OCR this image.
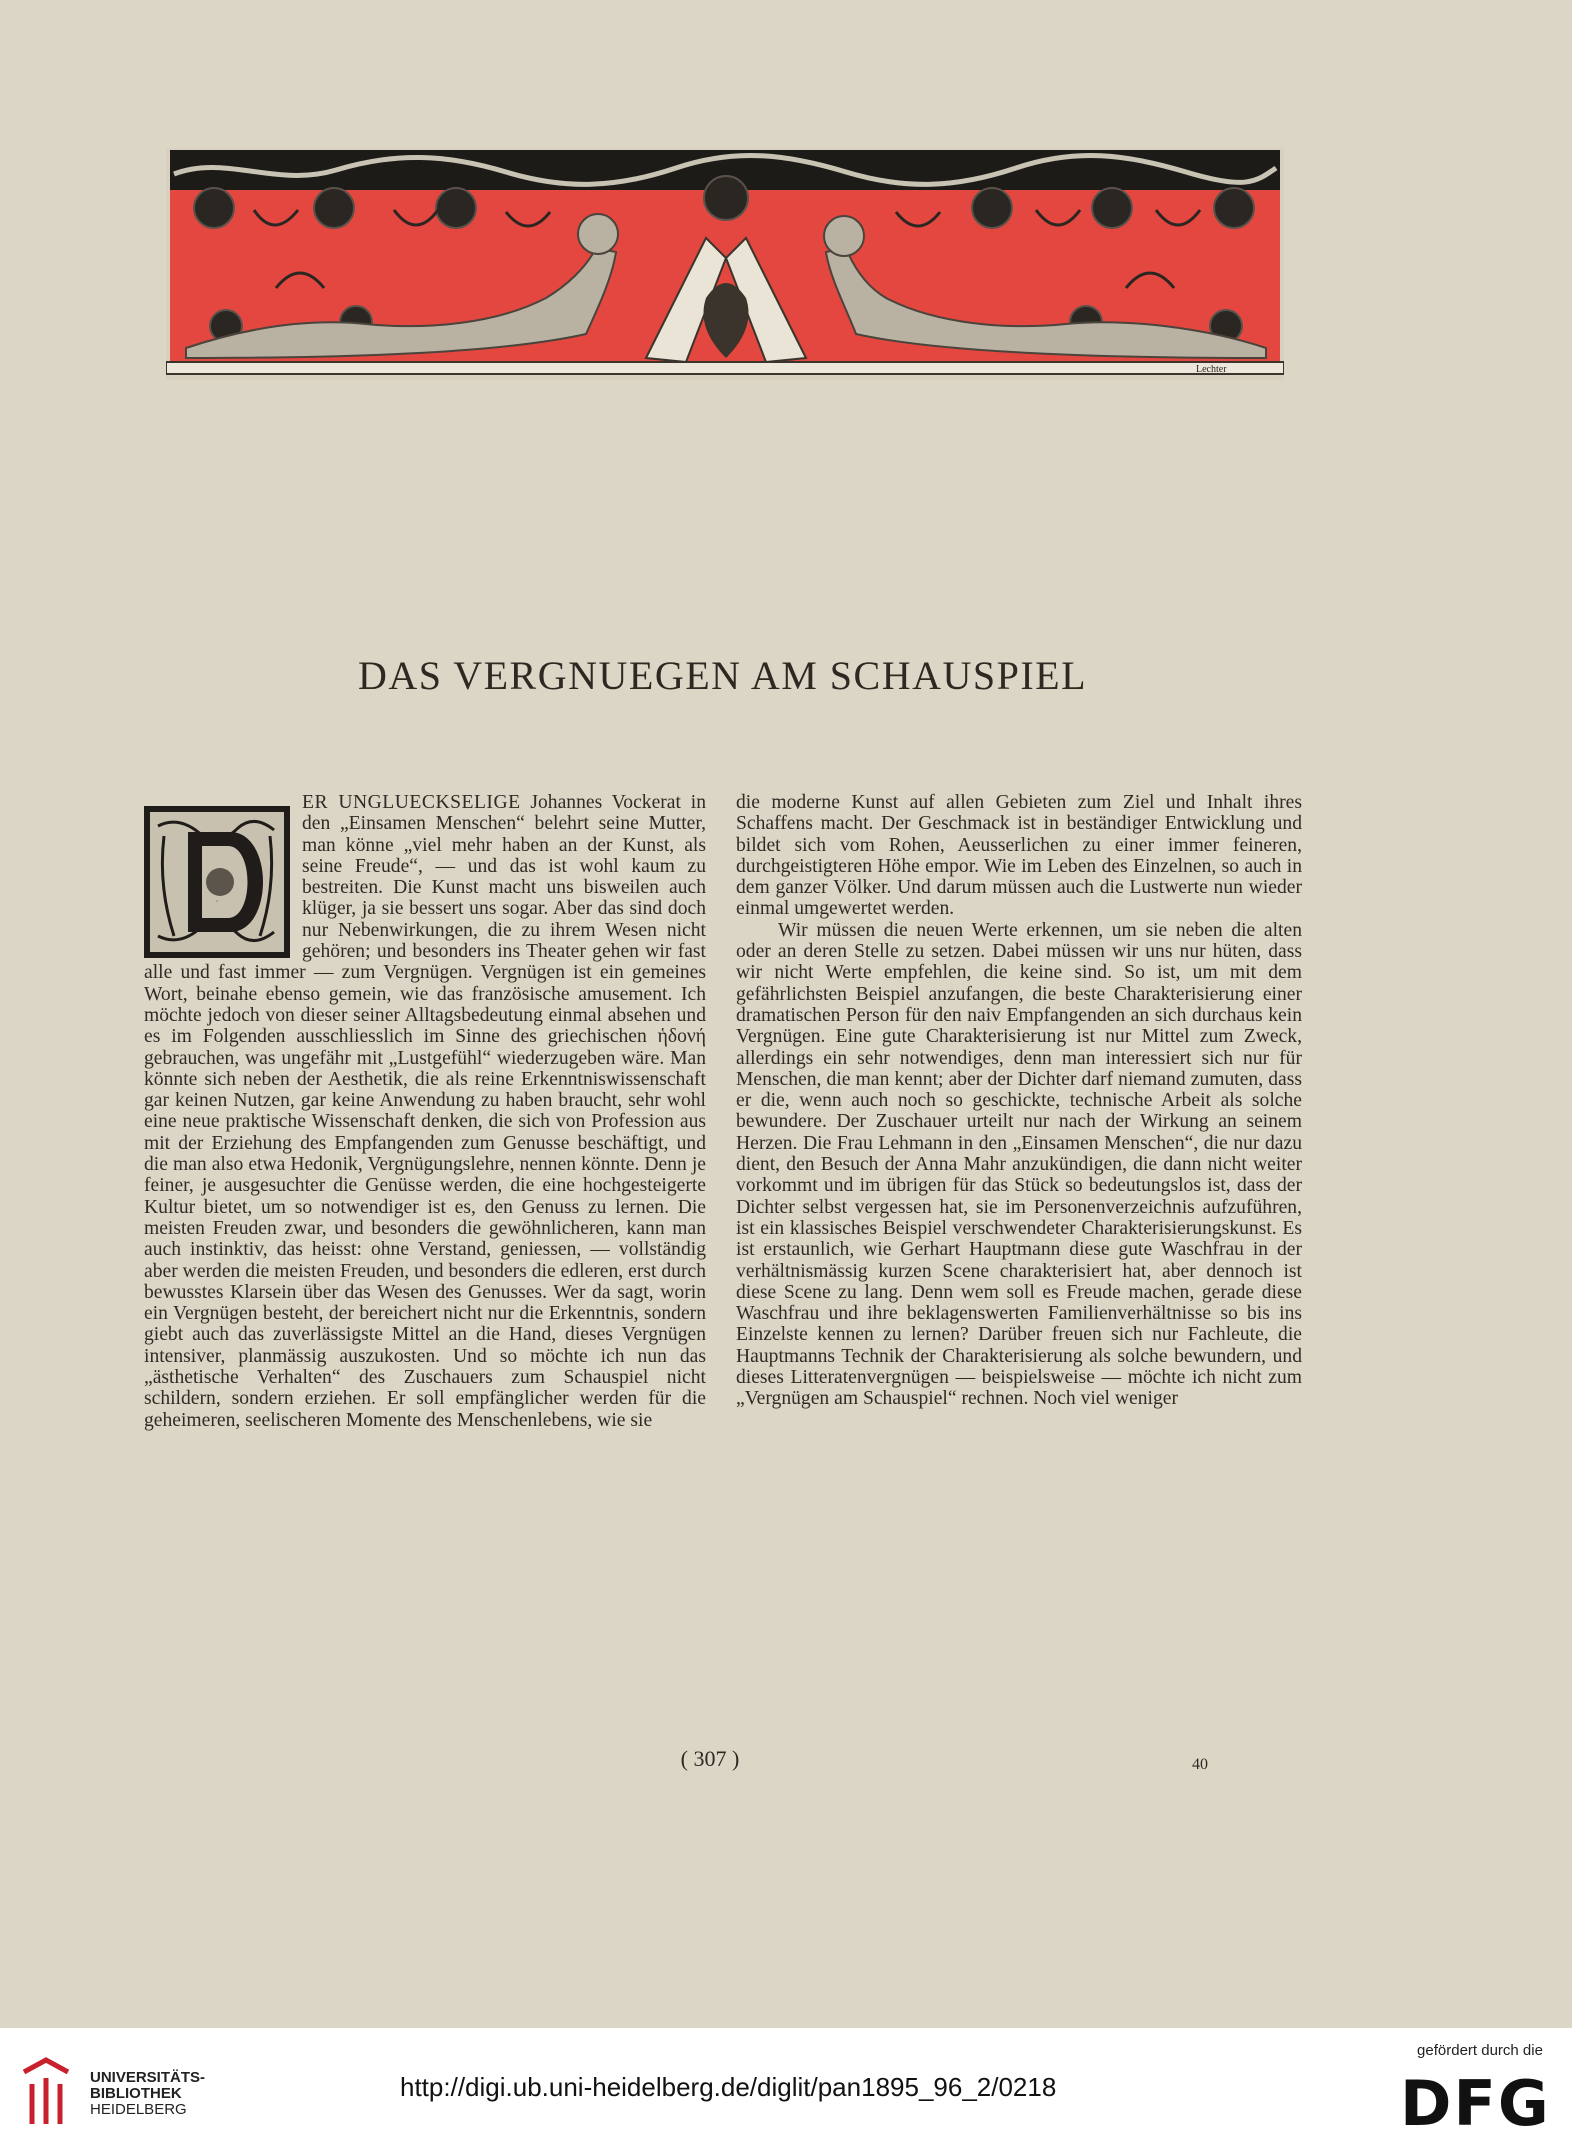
Lechter
DAS VERGNUEGEN AM SCHAUSPIEL
D

ER UNGLUECKSELIGE Johannes Vockerat in den „Einsamen Menschen“ belehrt seine Mutter, man könne „viel mehr haben an der Kunst, als seine Freude“, — und das ist wohl kaum zu bestreiten. Die Kunst macht uns bisweilen auch klüger, ja sie bessert uns sogar. Aber das sind doch nur Nebenwirkungen, die zu ihrem Wesen nicht gehören; und besonders ins Theater gehen wir fast alle und fast immer — zum Vergnügen. Vergnügen ist ein gemeines Wort, beinahe ebenso gemein, wie das französische amusement. Ich möchte jedoch von dieser seiner Alltagsbedeutung einmal absehen und es im Folgenden ausschliesslich im Sinne des griechischen ἡδονή gebrauchen, was ungefähr mit „Lustgefühl“ wiederzugeben wäre. Man könnte sich neben der Aesthetik, die als reine Erkenntniswissenschaft gar keinen Nutzen, gar keine Anwendung zu haben braucht, sehr wohl eine neue praktische Wissenschaft denken, die sich von Profession aus mit der Erziehung des Empfangenden zum Genusse beschäftigt, und die man also etwa Hedonik, Vergnügungslehre, nennen könnte. Denn je feiner, je ausgesuchter die Genüsse werden, die eine hochgesteigerte Kultur bietet, um so notwendiger ist es, den Genuss zu lernen. Die meisten Freuden zwar, und besonders die gewöhnlicheren, kann man auch instinktiv, das heisst: ohne Verstand, geniessen, — vollständig aber werden die meisten Freuden, und besonders die edleren, erst durch bewusstes Klarsein über das Wesen des Genusses. Wer da sagt, worin ein Vergnügen besteht, der bereichert nicht nur die Erkenntnis, sondern giebt auch das zuverlässigste Mittel an die Hand, dieses Vergnügen intensiver, planmässig auszukosten. Und so möchte ich nun das „ästhetische Verhalten“ des Zuschauers zum Schauspiel nicht schildern, sondern erziehen. Er soll empfänglicher werden für die geheimeren, seelischeren Momente des Menschenlebens, wie sie

die moderne Kunst auf allen Gebieten zum Ziel und Inhalt ihres Schaffens macht. Der Geschmack ist in beständiger Entwicklung und bildet sich vom Rohen, Aeusserlichen zu einer immer feineren, durchgeistigteren Höhe empor. Wie im Leben des Einzelnen, so auch in dem ganzer Völker. Und darum müssen auch die Lustwerte nun wieder einmal umgewertet werden.

Wir müssen die neuen Werte erkennen, um sie neben die alten oder an deren Stelle zu setzen. Dabei müssen wir uns nur hüten, dass wir nicht Werte empfehlen, die keine sind. So ist, um mit dem gefährlichsten Beispiel anzufangen, die beste Charakterisierung einer dramatischen Person für den naiv Empfangenden an sich durchaus kein Vergnügen. Eine gute Charakterisierung ist nur Mittel zum Zweck, allerdings ein sehr notwendiges, denn man interessiert sich nur für Menschen, die man kennt; aber der Dichter darf niemand zumuten, dass er die, wenn auch noch so geschickte, technische Arbeit als solche bewundere. Der Zuschauer urteilt nur nach der Wirkung an seinem Herzen. Die Frau Lehmann in den „Einsamen Menschen“, die nur dazu dient, den Besuch der Anna Mahr anzukündigen, die dann nicht weiter vorkommt und im übrigen für das Stück so bedeutungslos ist, dass der Dichter selbst vergessen hat, sie im Personenverzeichnis aufzuführen, ist ein klassisches Beispiel verschwendeter Charakterisierungskunst. Es ist erstaunlich, wie Gerhart Hauptmann diese gute Waschfrau in der verhältnismässig kurzen Scene charakterisiert hat, aber dennoch ist diese Scene zu lang. Denn wem soll es Freude machen, gerade diese Waschfrau und ihre beklagenswerten Familienverhältnisse so bis ins Einzelste kennen zu lernen? Darüber freuen sich nur Fachleute, die Hauptmanns Technik der Charakterisierung als solche bewundern, und dieses Litteratenvergnügen — beispielsweise — möchte ich nicht zum „Vergnügen am Schauspiel“ rechnen. Noch viel weniger

( 307 )	40
UNIVERSITÄTS-
BIBLIOTHEK
HEIDELBERG
http://digi.ub.uni-heidelberg.de/diglit/pan1895_96_2/0218
gefördert durch die
DFG
